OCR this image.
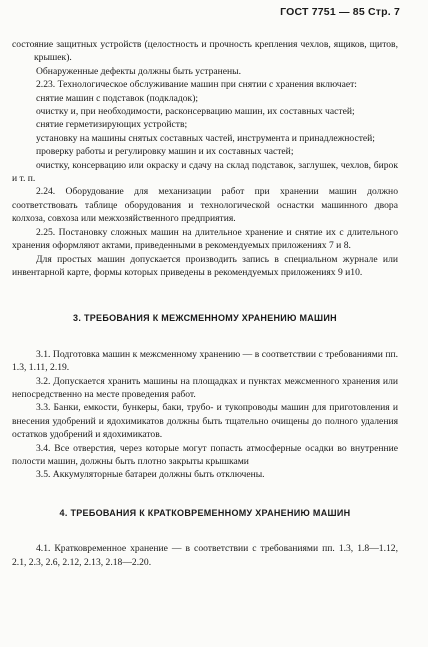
ГОСТ 7751 — 85 Стр. 7

состояние защитных устройств (целостность и прочность крепления чехлов, ящиков, щитов, крышек).

Обнаруженные дефекты должны быть устранены.

2.23. Технологическое обслуживание машин при снятии с хранения включает:

снятие машин с подставок (подкладок);

очистку и, при необходимости, расконсервацию машин, их составных частей;

снятие герметизирующих устройств;

установку на машины снятых составных частей, инструмента и принадлежностей;

проверку работы и регулировку машин и их составных частей;

очистку, консервацию или окраску и сдачу на склад подставок, заглушек, чехлов, бирок и т. п.

2.24. Оборудование для механизации работ при хранении машин должно соответствовать таблице оборудования и технологической оснастки машинного двора колхоза, совхоза или межхозяйственного предприятия.

2.25. Постановку сложных машин на длительное хранение и снятие их с длительного хранения оформляют актами, приведенными в рекомендуемых приложениях 7 и 8.

Для простых машин допускается производить запись в специальном журнале или инвентарной карте, формы которых приведены в рекомендуемых приложениях 9 и10.

3. ТРЕБОВАНИЯ К МЕЖСМЕННОМУ ХРАНЕНИЮ МАШИН

3.1. Подготовка машин к межсменному хранению — в соответствии с требованиями пп. 1.3, 1.11, 2.19.

3.2. Допускается хранить машины на площадках и пунктах межсменного хранения или непосредственно на месте проведения работ.

3.3. Банки, емкости, бункеры, баки, трубо- и тукопроводы машин для приготовления и внесения удобрений и ядохимикатов должны быть тщательно очищены до полного удаления остатков удобрений и ядохимикатов.

3.4. Все отверстия, через которые могут попасть атмосферные осадки во внутренние полости машин, должны быть плотно закрыты крышками

3.5. Аккумуляторные батареи должны быть отключены.

4. ТРЕБОВАНИЯ К КРАТКОВРЕМЕННОМУ ХРАНЕНИЮ МАШИН

4.1. Кратковременное хранение — в соответствии с требованиями пп. 1.3, 1.8—1.12, 2.1, 2.3, 2.6, 2.12, 2.13, 2.18—2.20.
